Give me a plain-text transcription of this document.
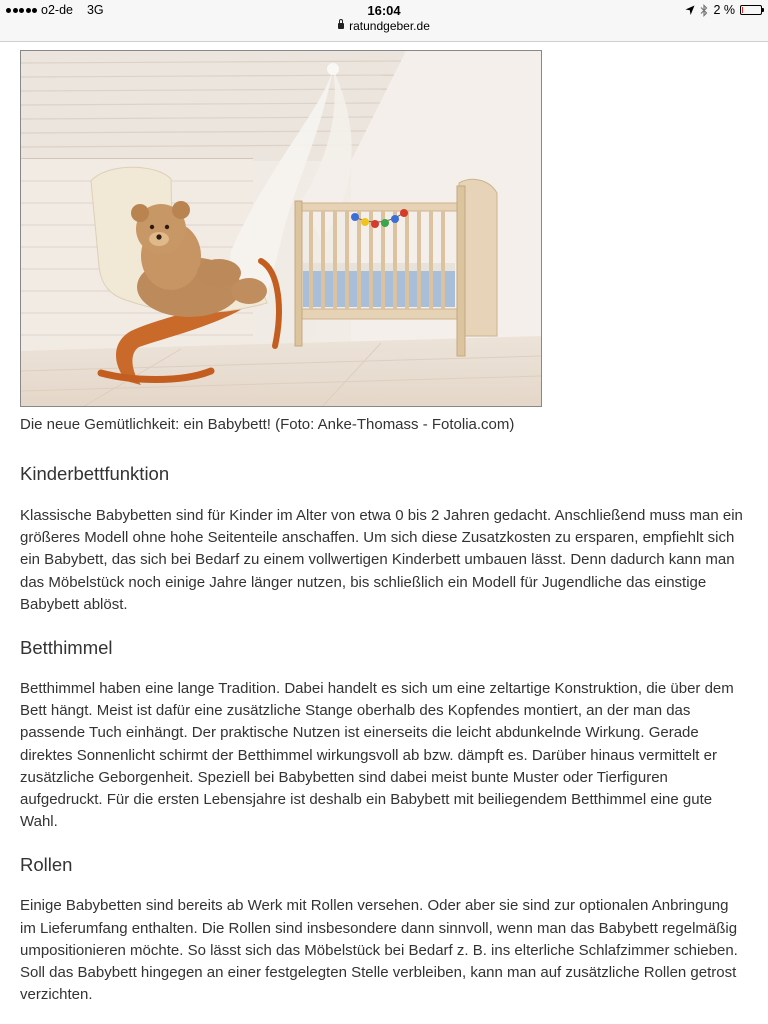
o2-de 3G	16:04
ratundgeber.de
2 %
Die neue Gemütlichkeit: ein Babybett! (Foto: Anke-Thomass - Fotolia.com)
Kinderbettfunktion

Klassische Babybetten sind für Kinder im Alter von etwa 0 bis 2 Jahren gedacht. Anschließend muss man ein größeres Modell ohne hohe Seitenteile anschaffen. Um sich diese Zusatzkosten zu ersparen, empfiehlt sich ein Babybett, das sich bei Bedarf zu einem vollwertigen Kinderbett umbauen lässt. Denn dadurch kann man das Möbelstück noch einige Jahre länger nutzen, bis schließlich ein Modell für Jugendliche das einstige Babybett ablöst.

Betthimmel

Betthimmel haben eine lange Tradition. Dabei handelt es sich um eine zeltartige Konstruktion, die über dem Bett hängt. Meist ist dafür eine zusätzliche Stange oberhalb des Kopfendes montiert, an der man das passende Tuch einhängt. Der praktische Nutzen ist einerseits die leicht abdunkelnde Wirkung. Gerade direktes Sonnenlicht schirmt der Betthimmel wirkungsvoll ab bzw. dämpft es. Darüber hinaus vermittelt er zusätzliche Geborgenheit. Speziell bei Babybetten sind dabei meist bunte Muster oder Tierfiguren aufgedruckt. Für die ersten Lebensjahre ist deshalb ein Babybett mit beiliegendem Betthimmel eine gute Wahl.

Rollen

Einige Babybetten sind bereits ab Werk mit Rollen versehen. Oder aber sie sind zur optionalen Anbringung im Lieferumfang enthalten. Die Rollen sind insbesondere dann sinnvoll, wenn man das Babybett regelmäßig umpositionieren möchte. So lässt sich das Möbelstück bei Bedarf z. B. ins elterliche Schlafzimmer schieben. Soll das Babybett hingegen an einer festgelegten Stelle verbleiben, kann man auf zusätzliche Rollen getrost verzichten.
